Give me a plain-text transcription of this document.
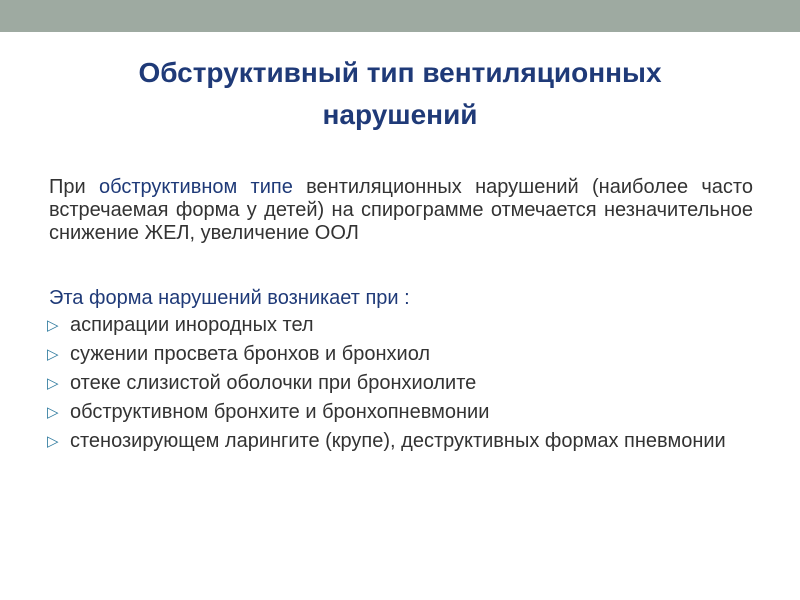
Обструктивный тип вентиляционных
нарушений

При обструктивном типе вентиляционных нарушений (наиболее часто встречаемая форма у детей) на спирограмме отмечается незначительное снижение ЖЕЛ, увеличение ООЛ

Эта форма нарушений возникает при :
▷ аспирации инородных тел
▷ сужении просвета бронхов и бронхиол
▷ отеке слизистой оболочки при бронхиолите
▷ обструктивном бронхите и бронхопневмонии
▷ стенозирующем ларингите (крупе), деструктивных формах пневмонии
